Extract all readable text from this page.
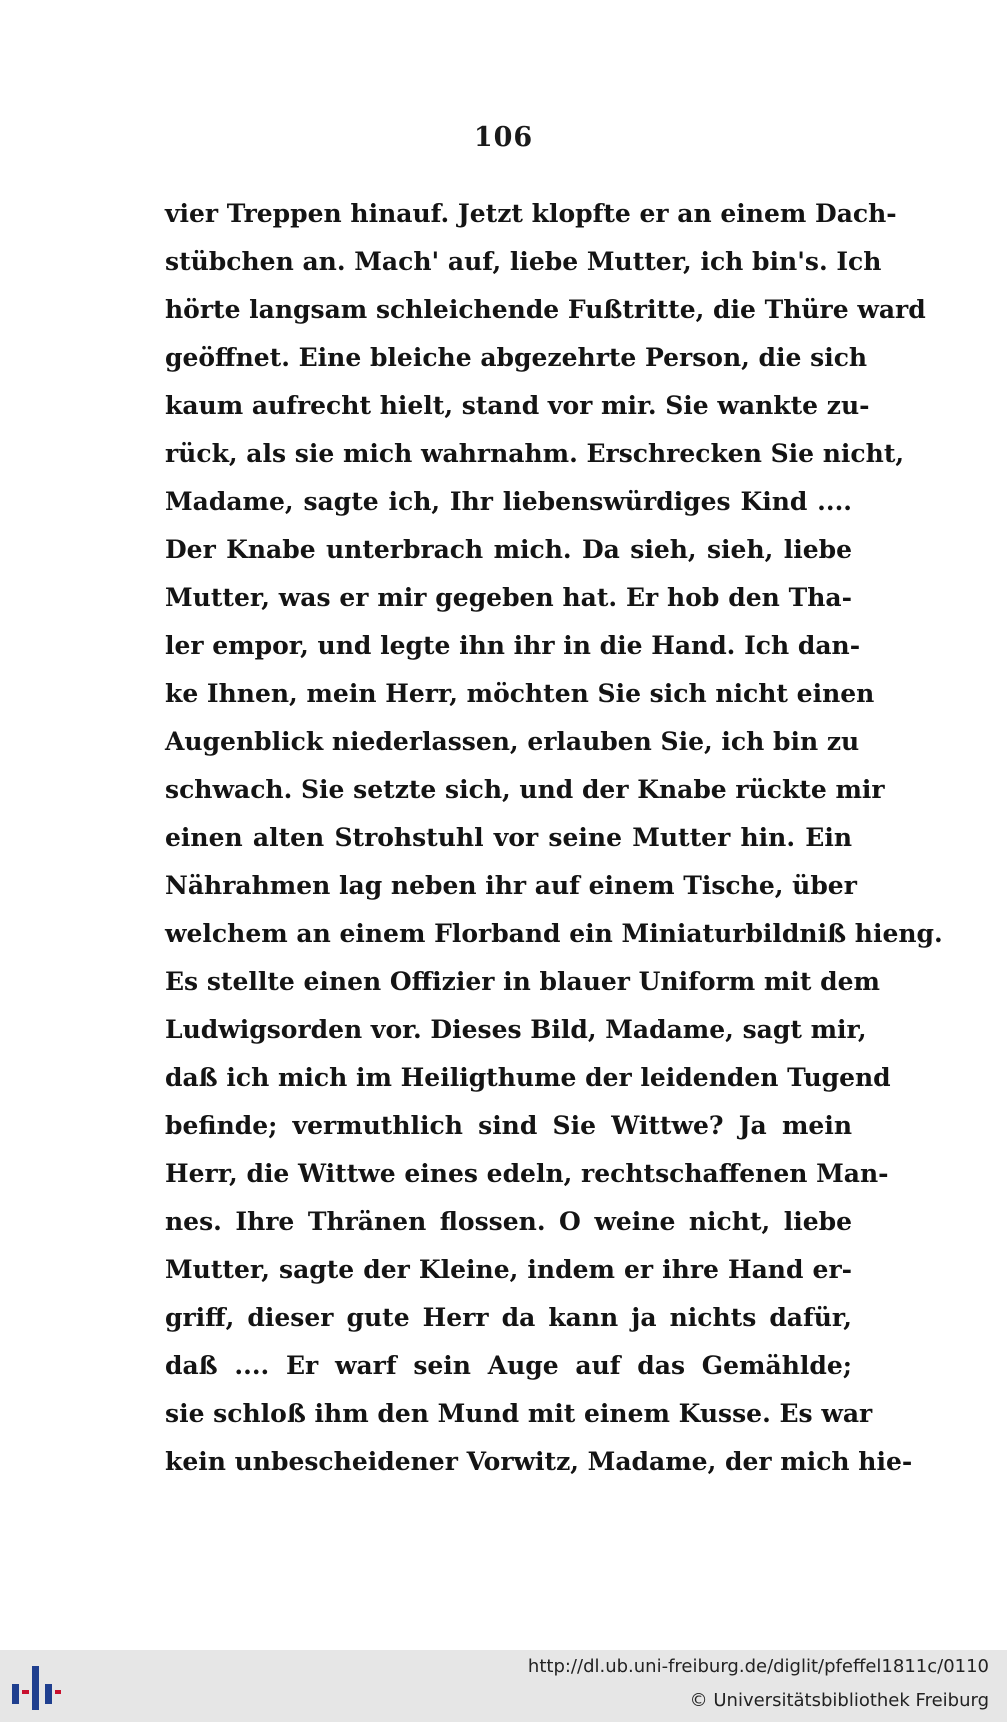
106
vier Treppen hinauf. Jetzt klopfte er an einem Dach-
stübchen an. Mach' auf, liebe Mutter, ich bin's. Ich
hörte langsam schleichende Fußtritte, die Thüre ward
geöffnet. Eine bleiche abgezehrte Person, die sich
kaum aufrecht hielt, stand vor mir. Sie wankte zu-
rück, als sie mich wahrnahm. Erschrecken Sie nicht,
Madame, sagte ich, Ihr liebenswürdiges Kind ....
Der Knabe unterbrach mich. Da sieh, sieh, liebe
Mutter, was er mir gegeben hat. Er hob den Tha-
ler empor, und legte ihn ihr in die Hand. Ich dan-
ke Ihnen, mein Herr, möchten Sie sich nicht einen
Augenblick niederlassen, erlauben Sie, ich bin zu
schwach. Sie setzte sich, und der Knabe rückte mir
einen alten Strohstuhl vor seine Mutter hin. Ein
Nährahmen lag neben ihr auf einem Tische, über
welchem an einem Florband ein Miniaturbildniß hieng.
Es stellte einen Offizier in blauer Uniform mit dem
Ludwigsorden vor. Dieses Bild, Madame, sagt mir,
daß ich mich im Heiligthume der leidenden Tugend
befinde; vermuthlich sind Sie Wittwe? Ja mein
Herr, die Wittwe eines edeln, rechtschaffenen Man-
nes. Ihre Thränen flossen. O weine nicht, liebe
Mutter, sagte der Kleine, indem er ihre Hand er-
griff, dieser gute Herr da kann ja nichts dafür,
daß .... Er warf sein Auge auf das Gemählde;
sie schloß ihm den Mund mit einem Kusse. Es war
kein unbescheidener Vorwitz, Madame, der mich hie-
http://dl.ub.uni-freiburg.de/diglit/pfeffel1811c/0110
© Universitätsbibliothek Freiburg
